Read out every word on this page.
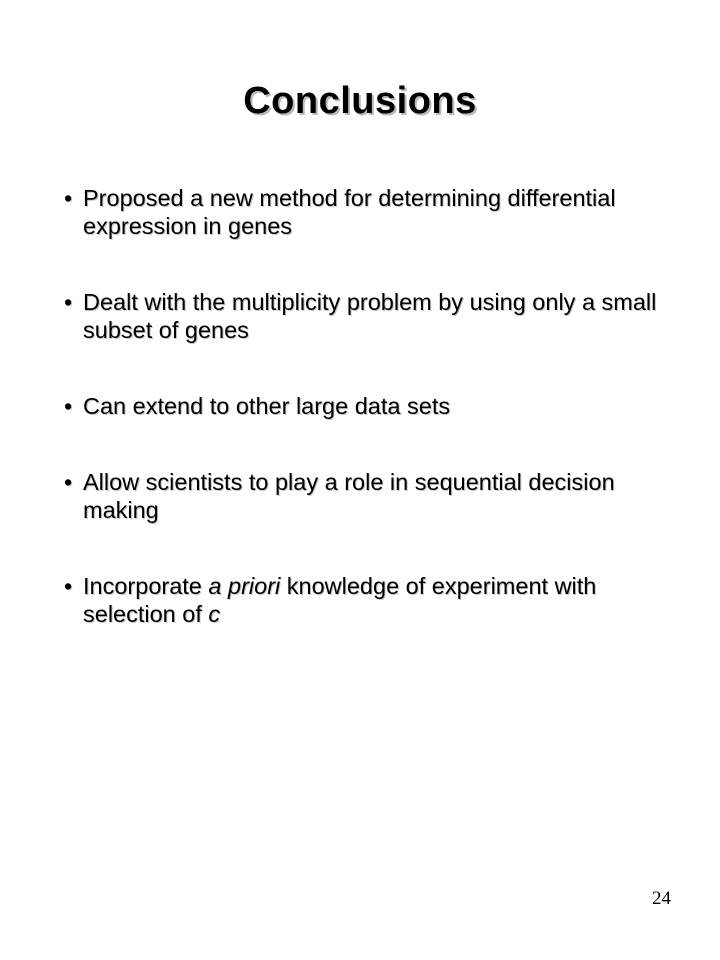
Conclusions
• Proposed a new method for determining differential expression in genes
• Dealt with the multiplicity problem by using only a small subset of genes
• Can extend to other large data sets
• Allow scientists to play a role in sequential decision making
• Incorporate a priori knowledge of experiment with selection of c
24
